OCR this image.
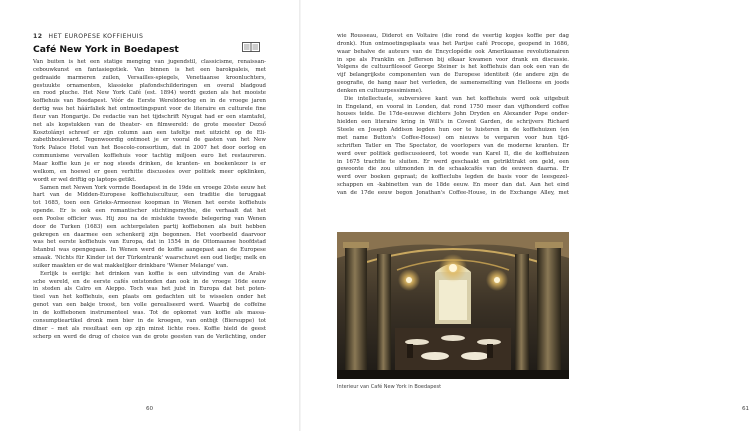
12 HET EUROPESE KOFFIEHUIS
Café New York in Boedapest
Van buiten is het een statige menging van jugendstil, classicisme, renaissan-
cebouwkunst en fantasiegotiek. Van binnen is het een barokpaleis, met
gedraaide marmeren zuilen, Versailles-spiegels, Venetiaanse kroonluchters,
gestuukte ornamenten, klassieke plafondschilderingen en overal bladgoud
en rood pluche. Het New York Café (est. 1894) wordt gezien als het mooiste
koffiehuis van Boedapest. Vóór de Eerste Wereldoorlog en in de vroege jaren
dertig was het háárfaliek het ontmoetingspunt voor de literaire en culturele fine
fleur van Hongarije. De redactie van het tijdschrift Nyugat had er een stamtafel,
net als kopstukken van de theater- en filmwereld: de grote meester Dezső
Kosztolányi schreef er zijn column aan een tafeltje met uitzicht op de Eli-
zabethboulevard. Tegenwoordig ontmoet je er vooral de gasten van het New
York Palace Hotel van het Boscolo-consortium, dat in 2007 het door oorlog en
communisme vervallen koffiehuis voor tachtig miljoen euro liet restaureren.
Maar koffie kun je er nog steeds drinken, de kranten- en boekenlezer is er
welkom, en hoewel er geen verhitte discussies over politiek meer opklinken,
wordt er wel driftig op laptops getikt.
Samen met Newen York vormde Boedapest in de 19de en vroege 20ste eeuw het
hart van de Midden-Europese koffiehuiscultuur, een traditie die teruggaat
tot 1685, toen een Grieks-Armeense koopman in Wenen het eerste koffiehuis
opende. Er is ook een romantischer stichtingsmythe, die verhaalt dat het
een Poolse officier was. Hij zou na de mislukte tweede belegering van Wenen
door de Turken (1683) een achtergelaten partij koffiebonen als buit hebben
gekregen en daarmee een schenkerij zijn begonnen. Het voorbeeld daarvoor
was het eerste koffiehuis van Europa, dat in 1554 in de Ottomaanse hoofdstad
Istanbul was opengegaan. In Wenen werd de koffie aangepast aan de Europese
smaak. 'Nichts für Kinder ist der Türkentrank' waarschuwt een oud liedje; melk en
suiker maakten er de wat makkelijker drinkbare 'Wiener Melange' van.
Eerlijk is eerlijk: het drinken van koffie is een uitvinding van de Arabi-
sche wereld, en de eerste cafés ontstonden dan ook in de vroege 16de eeuw
in steden als Caïro en Aleppo. Toch was het juist in Europa dat het poten-
tieel van het koffiehuis, een plaats om gedachten uit te wisselen onder het
genot van een bakje troost, ten volle gerealiseerd werd. Waarbij de coffeïne
in de koffiebonen instrumenteel was. Tot de opkomst van koffie als massa-
consumptieartikel dronk men bier in de kroegen, van ontbijt (Biersuppe) tot
diner – met als resultaat een op zijn minst lichte roes. Koffie hield de geest
scherp en werd de drug of choice van de grote geesten van de Verlichting, onder
60
wie Rousseau, Diderot en Voltaire (die rond de veertig kopjes koffie per dag
dronk). Hun ontmoetingsplaats was het Parijse café Procope, geopend in 1686,
waar behalve de auteurs van de Encyclopédie ook Amerikaanse revolutionairen
in spe als Franklin en Jefferson bij elkaar kwamen voor drank en discussie.
Volgens de cultuurfilosoof George Steiner is het koffiehuis dan ook een van de
vijf belangrijkste componenten van de Europese identiteit (de andere zijn de
geografie, de hang naar het verleden, de samensmelting van Helleens en joods
denken en cultuurpessimisme).
Die intellectuele, subversieve kant van het koffiehuis werd ook uitgebuit
in Engeland, en vooral in Londen, dat rond 1750 meer dan vijfhonderd coffee
houses telde. De 17de-eeuwse dichters John Dryden en Alexander Pope onder-
hielden een literaire kring in Will's in Covent Garden, de schrijvers Richard
Steele en Joseph Addison legden hun oor te luisteren in de koffiehuizen (en
met name Button's Coffee-House) om nieuws te vergaren voor hun tijd-
schriften Tatler en The Spectator, de voorlopers van de moderne kranten. Er
werd over politiek gediscussieerd, tot woede van Karel II, die de koffiehuizen
in 1675 trachtte te sluiten. Er werd geschaakt en getrikttrakt om geld, een
gewoonte die zou uitmonden in de schaakcafés van de eeuwen daarna. Er
werd over boeken gepraat; de koffieclubs legden de basis voor de leesgezel-
schappen en -kabinetten van de 18de eeuw. En meer dan dat. Aan het eind
van de 17de eeuw begon Jonathan's Coffee-House, in de Exchange Alley, met
Interieur van Café New York in Boedapest
61
